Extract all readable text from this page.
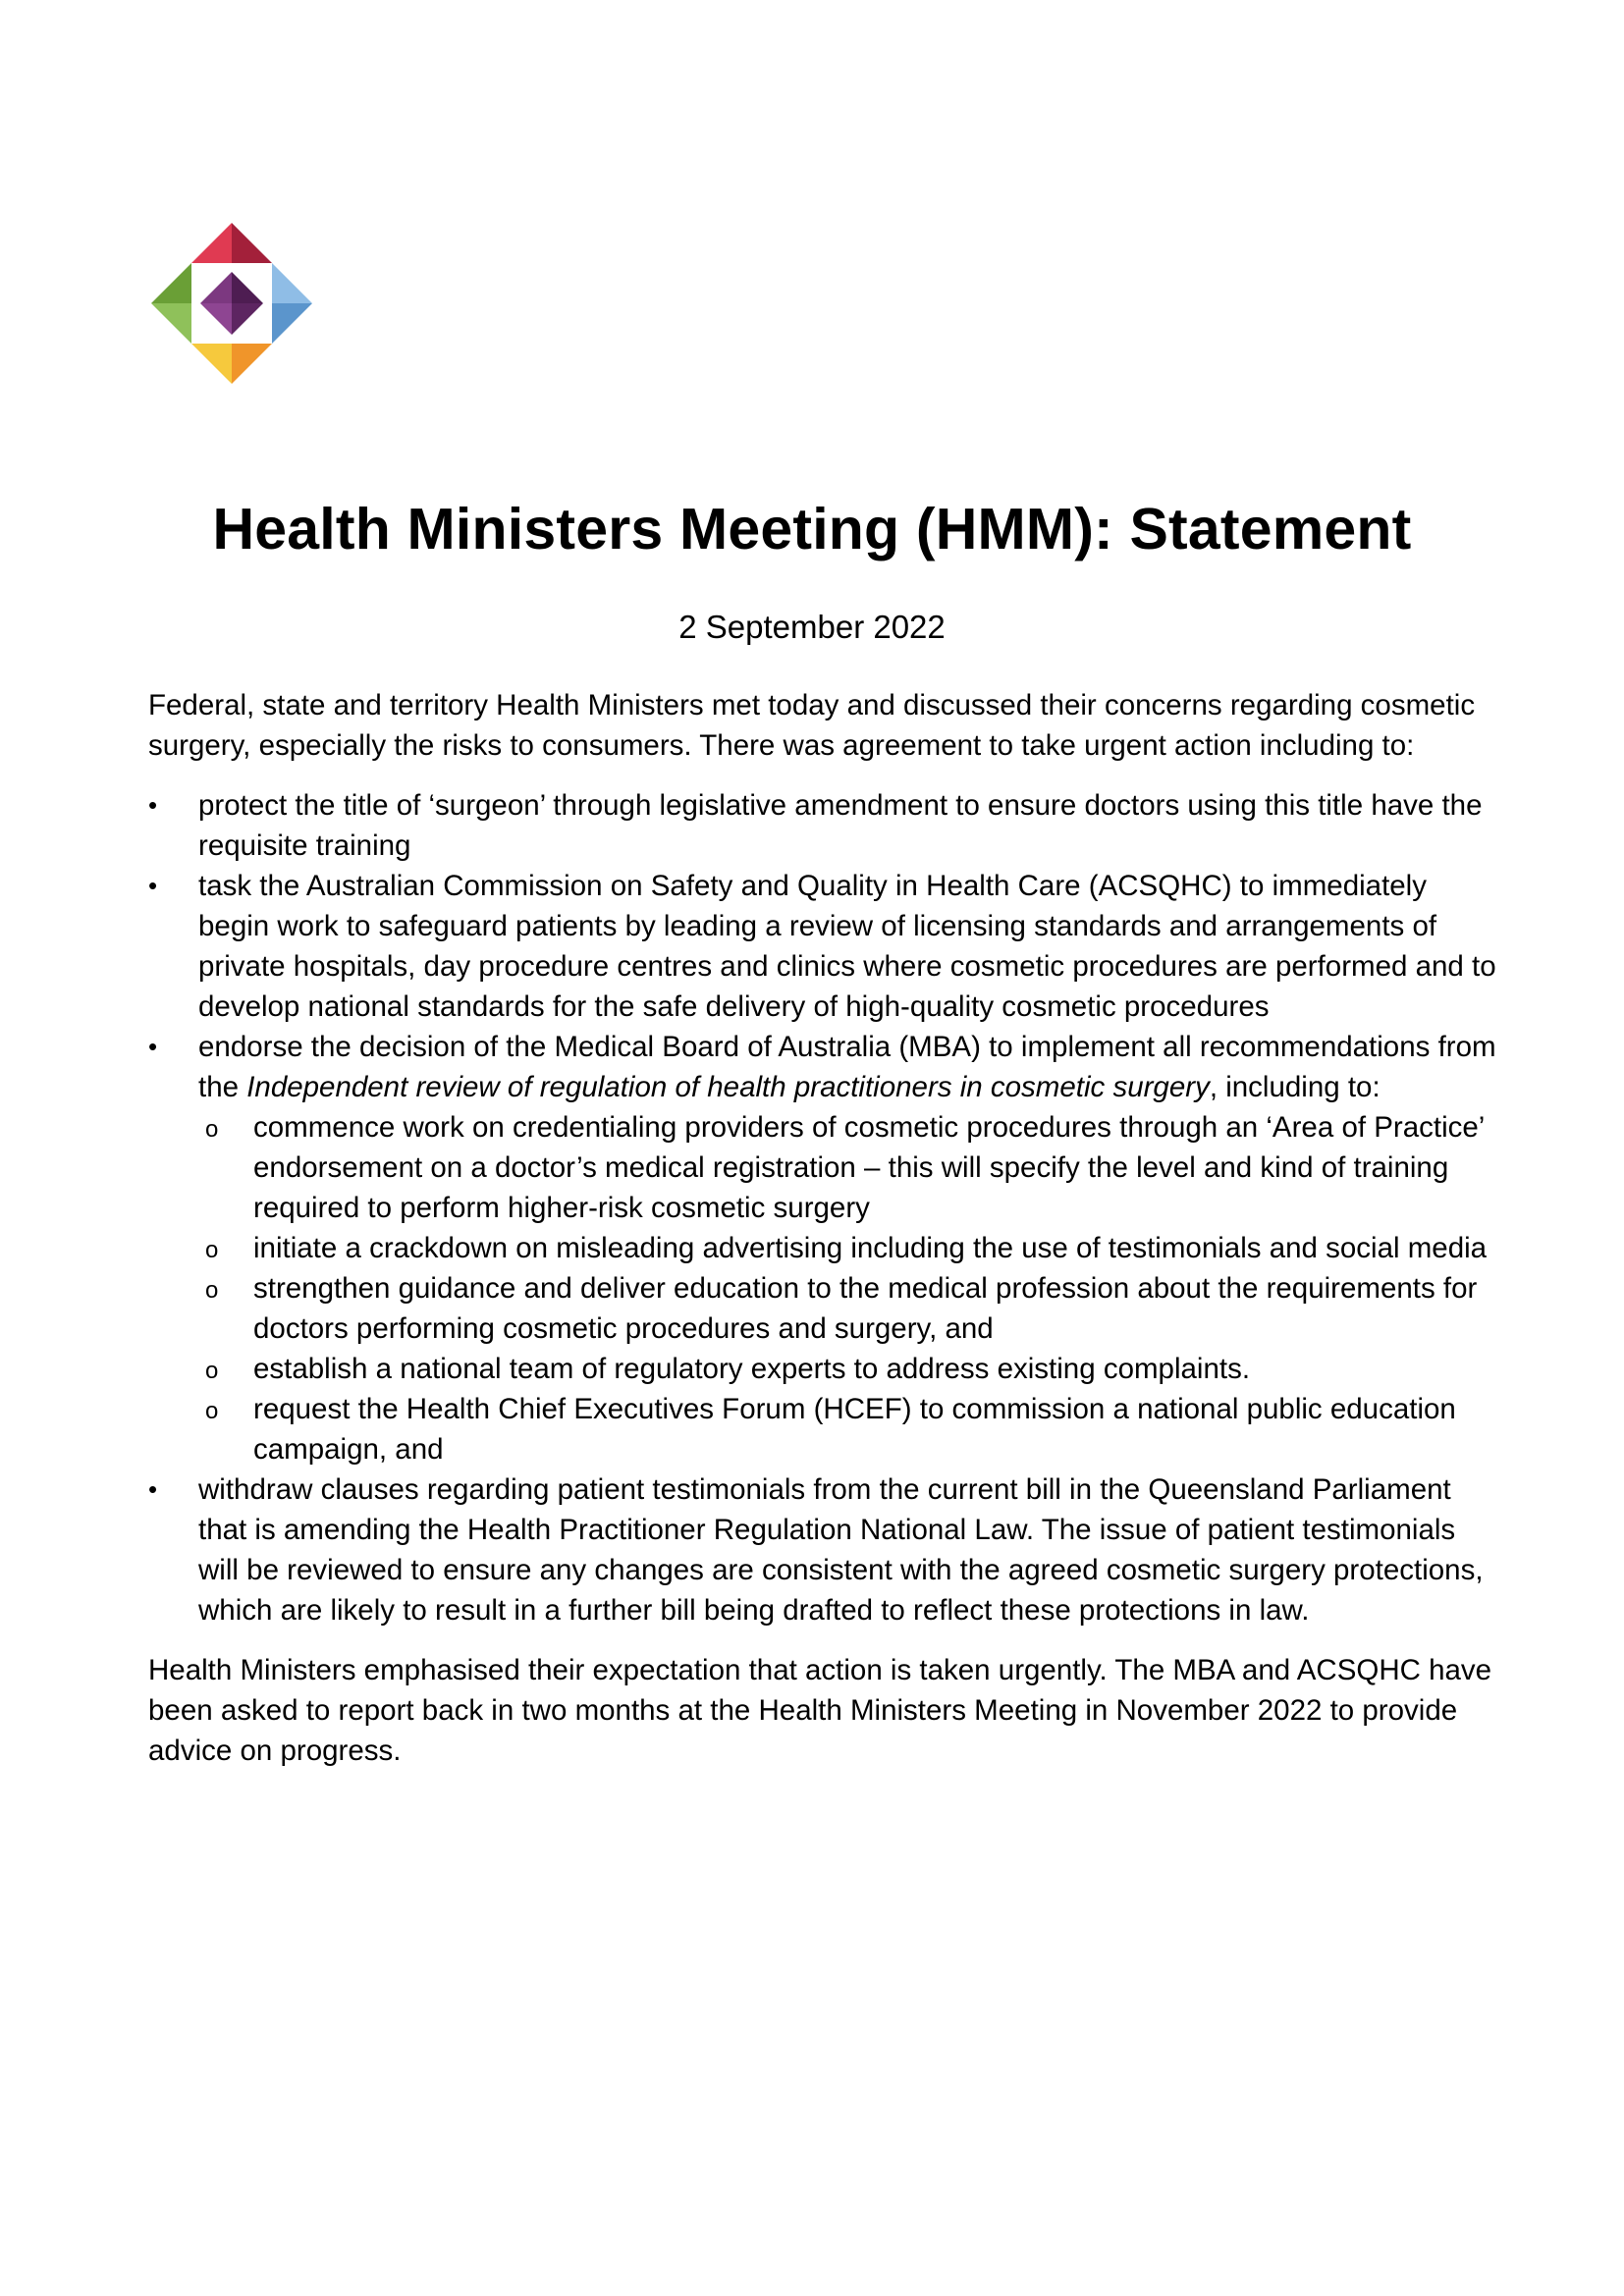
Health Ministers Meeting (HMM): Statement

2 September 2022

Federal, state and territory Health Ministers met today and discussed their concerns regarding cosmetic surgery, especially the risks to consumers. There was agreement to take urgent action including to:

•	protect the title of ‘surgeon’ through legislative amendment to ensure doctors using this title have the requisite training
•	task the Australian Commission on Safety and Quality in Health Care (ACSQHC) to immediately begin work to safeguard patients by leading a review of licensing standards and arrangements of private hospitals, day procedure centres and clinics where cosmetic procedures are performed and to develop national standards for the safe delivery of high-quality cosmetic procedures
•	endorse the decision of the Medical Board of Australia (MBA) to implement all recommendations from the Independent review of regulation of health practitioners in cosmetic surgery, including to:
o commence work on credentialing providers of cosmetic procedures through an ‘Area of Practice’ endorsement on a doctor’s medical registration – this will specify the level and kind of training required to perform higher-risk cosmetic surgery
o initiate a crackdown on misleading advertising including the use of testimonials and social media
o strengthen guidance and deliver education to the medical profession about the requirements for doctors performing cosmetic procedures and surgery, and
o establish a national team of regulatory experts to address existing complaints.
o request the Health Chief Executives Forum (HCEF) to commission a national public education campaign, and
•	withdraw clauses regarding patient testimonials from the current bill in the Queensland Parliament that is amending the Health Practitioner Regulation National Law. The issue of patient testimonials will be reviewed to ensure any changes are consistent with the agreed cosmetic surgery protections, which are likely to result in a further bill being drafted to reflect these protections in law.

Health Ministers emphasised their expectation that action is taken urgently. The MBA and ACSQHC have been asked to report back in two months at the Health Ministers Meeting in November 2022 to provide advice on progress.
